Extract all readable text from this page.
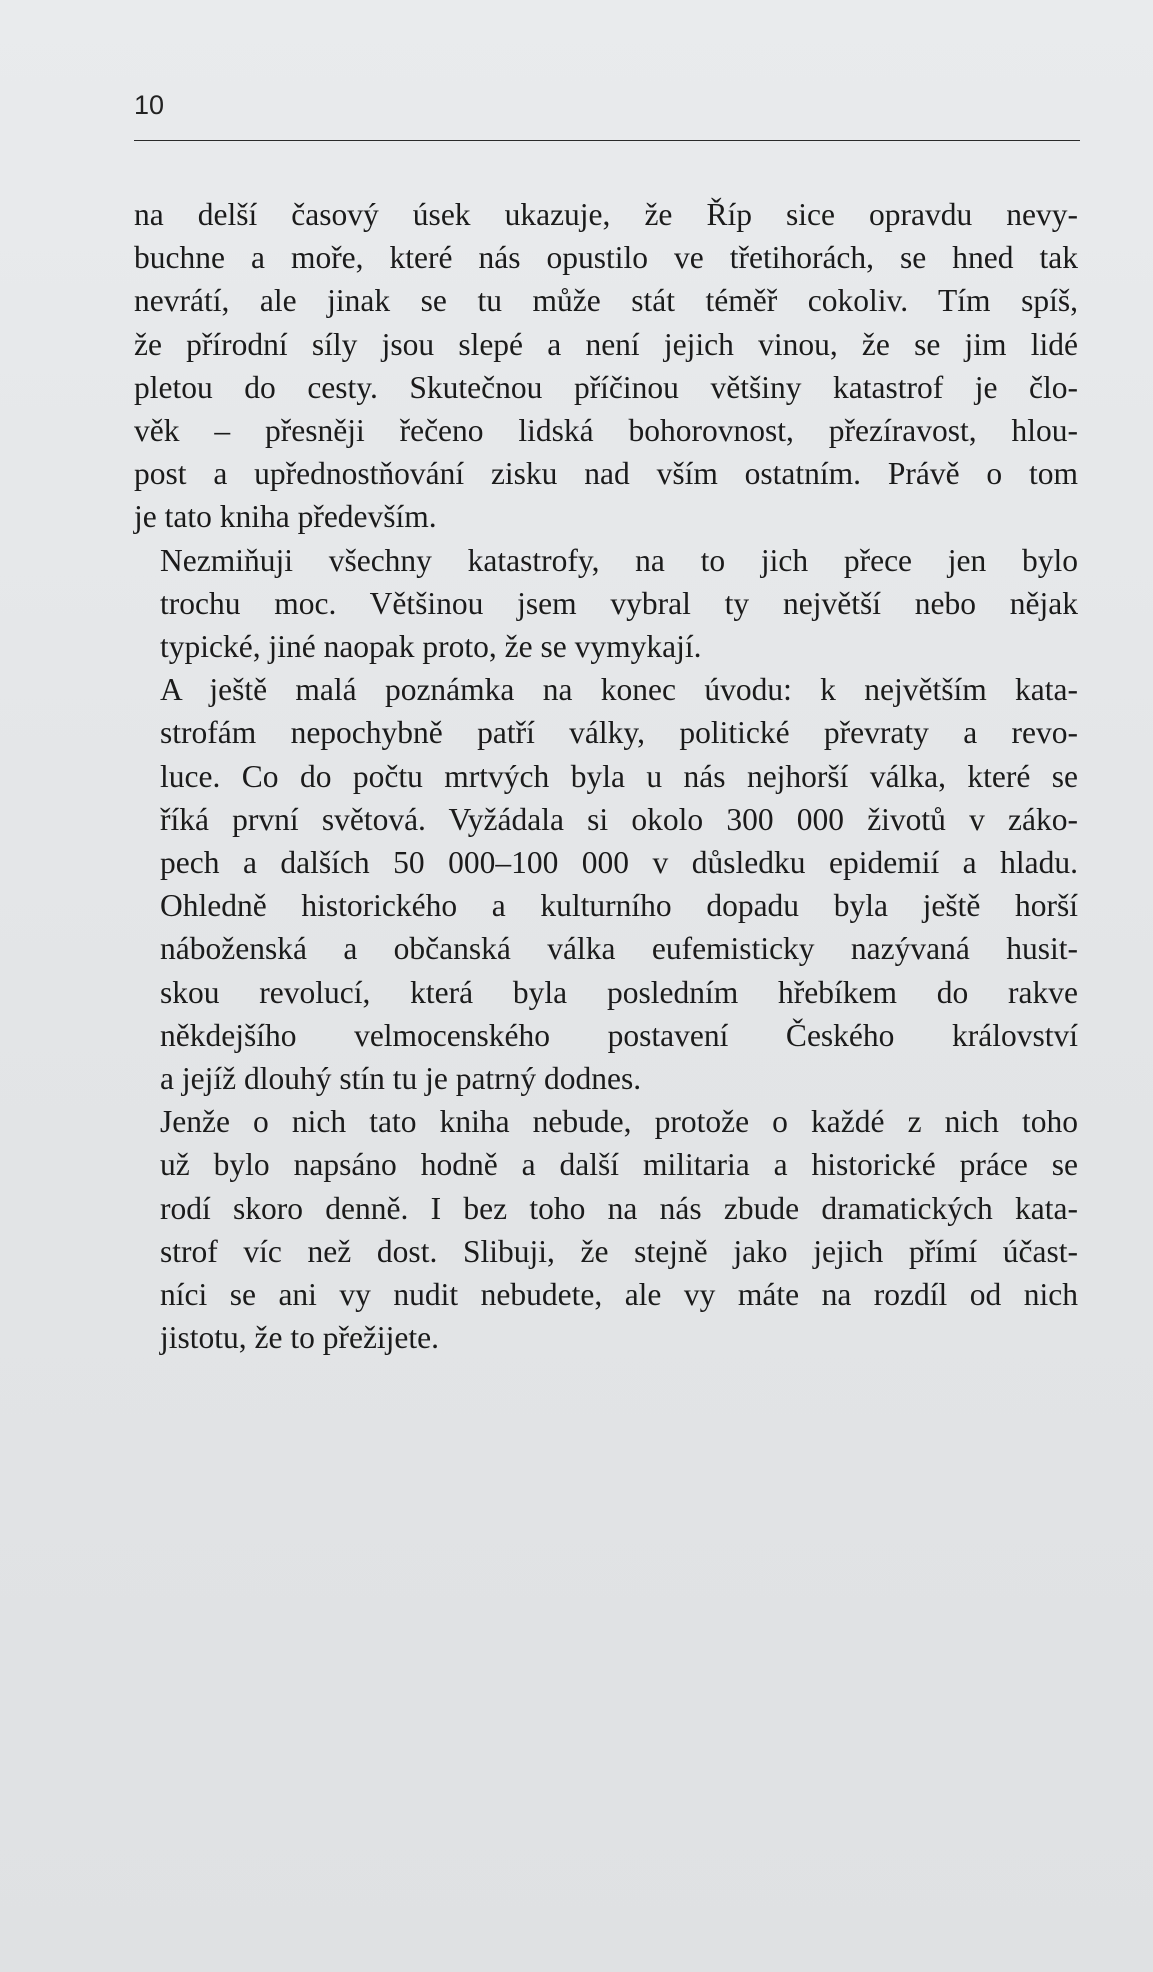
10

na delší časový úsek ukazuje, že Říp sice opravdu nevy-
buchne a moře, které nás opustilo ve třetihorách, se hned tak
nevrátí, ale jinak se tu může stát téměř cokoliv. Tím spíš,
že přírodní síly jsou slepé a není jejich vinou, že se jim lidé
pletou do cesty. Skutečnou příčinou většiny katastrof je člo-
věk – přesněji řečeno lidská bohorovnost, přezíravost, hlou-
post a upřednostňování zisku nad vším ostatním. Právě o tom
je tato kniha především.

Nezmiňuji všechny katastrofy, na to jich přece jen bylo
trochu moc. Většinou jsem vybral ty největší nebo nějak
typické, jiné naopak proto, že se vymykají.

A ještě malá poznámka na konec úvodu: k největším kata-
strofám nepochybně patří války, politické převraty a revo-
luce. Co do počtu mrtvých byla u nás nejhorší válka, které se
říká první světová. Vyžádala si okolo 300 000 životů v záko-
pech a dalších 50 000–100 000 v důsledku epidemií a hladu.
Ohledně historického a kulturního dopadu byla ještě horší
náboženská a občanská válka eufemisticky nazývaná husit-
skou revolucí, která byla posledním hřebíkem do rakve
někdejšího velmocenského postavení Českého království
a jejíž dlouhý stín tu je patrný dodnes.

Jenže o nich tato kniha nebude, protože o každé z nich toho
už bylo napsáno hodně a další militaria a historické práce se
rodí skoro denně. I bez toho na nás zbude dramatických kata-
strof víc než dost. Slibuji, že stejně jako jejich přímí účast-
níci se ani vy nudit nebudete, ale vy máte na rozdíl od nich
jistotu, že to přežijete.
